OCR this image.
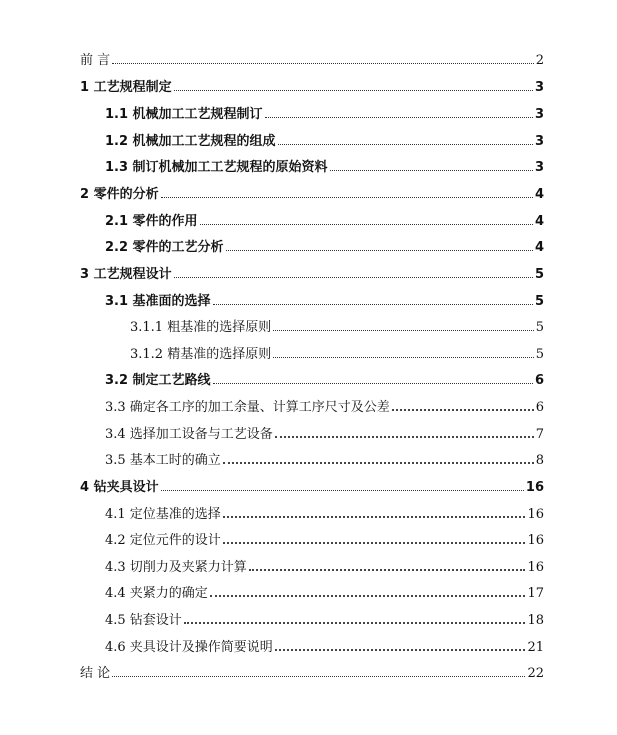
前 言	2
1 工艺规程制定	3
1.1 机械加工工艺规程制订	3
1.2 机械加工工艺规程的组成	3
1.3 制订机械加工工艺规程的原始资料	3
2 零件的分析	4
2.1 零件的作用	4
2.2 零件的工艺分析	4
3 工艺规程设计	5
3.1 基准面的选择	5
3.1.1 粗基准的选择原则	5
3.1.2 精基准的选择原则	5
3.2 制定工艺路线	6
3.3 确定各工序的加工余量、计算工序尺寸及公差	6
3.4 选择加工设备与工艺设备	7
3.5 基本工时的确立	8
4 钻夹具设计	16
4.1 定位基准的选择	16
4.2 定位元件的设计	16
4.3 切削力及夹紧力计算	16
4.4 夹紧力的确定	17
4.5 钻套设计	18
4.6 夹具设计及操作简要说明	21
结 论	22
